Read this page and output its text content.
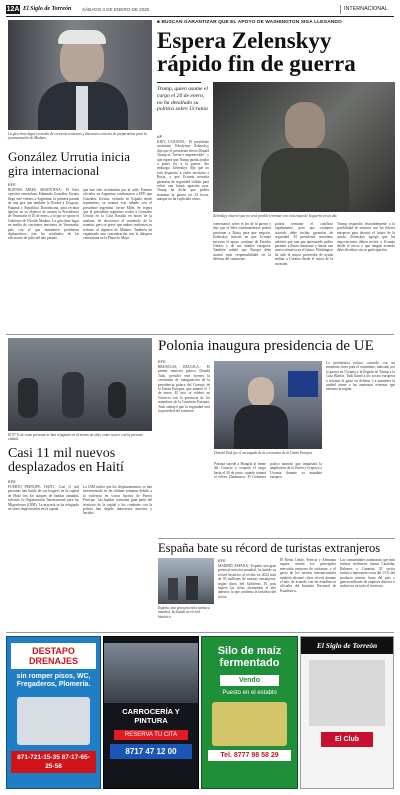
12A El Siglo de Torreón SÁBADO 4 DE ENERO DE 2025	INTERNACIONAL
La gira tiene lugar en medio de creciente tensiones y discursos a inicios de preparativos para la juramentación de Maduro.
González Urrutia inicia gira internacional
EFE
BUENOS AIRES, ARGENTINA.- El líder opositor venezolano Edmundo González Urrutia llegó este viernes a Argentina, la primera parada de una gira que también lo llevará a Uruguay, Panamá y República Dominicana, para recabar apoyos en su objetivo de asumir la Presidencia de Venezuela el 10 de enero, a lo que se opone el Gobierno de Nicolás Maduro. La gira tiene lugar en medio de crecientes tensiones de Venezuela, país con el que mantienen problemas diplomáticos, tras los resultados de las elecciones de julio del año pasado.
que han sido reclamados por la calle. Fuentes oficiales en Argentina confirmaron a EFE que González Urrutia, exiliado en España desde septiembre, se reunirá este sábado con el presidente argentino, Javier Milei. Se espera que el presidente argentino reciba a González Urrutia en la Casa Rosada en horas de la mañana. Se desconoce el contenido de la reunión, pero se prevé que ambos reafirmen su rechazo al régimen de Maduro. También ha organizado una concentración con la diáspora venezolana en la Plaza de Mayo.
■ BUSCAN GARANTIZAR QUE EL APOYO DE WASHINGTON SIGA LLEGANDO
Espera Zelenskyy rápido fin de guerra
Trump, quien asume el cargo el 20 de enero, no ha detallado su política sobre Ucrania
AP
KIEV, UCRANIA.- El presidente ucraniano Volodymyr Zelenskyy dijo que el presidente electo Donald Trump es "fuerte e impredecible", y que espera que Trump pueda ayudar a poner fin a la guerra. Sin embargo, Zelenskyy dijo que no está dispuesto a ceder territorio a Rusia, y que Ucrania necesita garantías de seguridad sólidas para evitar una futura agresión rusa. Trump ha dicho que podría terminar la guerra en 24 horas, aunque no ha explicado cómo.
Zelenskyy observó que no será posible terminar con esta etapa de la guerra en un día.
comentarios sobre el fin de la guerra y dijo que el líder estadounidense podría presionar a Rusia para que negocie. Zelenskyy insistió en que Ucrania necesita el apoyo continuo de Estados Unidos y de sus aliados europeos. También señaló que Europa debe asumir más responsabilidad en la defensa del continente.
podría terminar el conflicto rápidamente, pero que cualquier acuerdo debe incluir garantías de seguridad. El presidente ucraniano advirtió que una paz apresurada podría permitir a Rusia rearmarse y lanzar una nueva ofensiva en el futuro. Washington ha sido el mayor proveedor de ayuda militar a Ucrania desde el inicio de la invasión.
Trump respondió favorablemente a la posibilidad de reunirse con los líderes europeos para discutir el futuro de la ayuda. Zelenskyy agregó que las negociaciones deben incluir a Ucrania desde el inicio y que ningún acuerdo debe decidirse sin su participación.
Polonia inaugura presidencia de UE
EFE
BRUSELAS, BÉLGICA.- El primer ministro polaco, Donald Tusk, presidió este viernes la ceremonia de inauguración de la presidencia polaca del Consejo de la Unión Europea, que asumió el 1 de enero. El acto se celebró en Varsovia con la presencia de los miembros de la Comisión Europea. Tusk subrayó que la seguridad será la prioridad del semestre.
Donald Tusk fue el encargado de la ceremonia de la Unión Europea.
La presidencia polaca coincide con un momento clave para el continente, marcado por la guerra en Ucrania y la llegada de Trump a la Casa Blanca. Tusk llamó a los socios europeos a reforzar el gasto en defensa y a mantener la unidad frente a las amenazas externas que enfrenta la región.
Polonia sucede a Hungría al frente del Consejo y ocupará el cargo hasta el 30 de junio, cuando tomará el relevo Dinamarca. El Gobierno polaco anunció que impulsará la ampliación de la Unión y el apoyo a Ucrania durante su mandato europeo.
El 97 % de estas personas se han refugiado en al menos un sitio, como ocurre con la presente ciudad.
Casi 11 mil nuevos desplazados en Haití
EFE
PUERTO PRÍNCIPE, HAITÍ.- Casi 11 mil personas han huido de sus hogares en la capital de Haití tras los ataques de bandas armadas, informó la Organización Internacional para las Migraciones (OIM). La mayoría se ha refugiado en sitios improvisados en la capital.
La OIM indicó que los desplazamientos se han incrementado en las últimas semanas debido a la violencia en varios barrios de Puerto Príncipe. Las bandas controlan gran parte del territorio de la capital y los combates con la policía han dejado numerosos muertos y heridos.
España bate su récord de turistas extranjeros
España, una gran potencia turística mundial, ha batido su récord histórico.
EFE
MADRID, ESPAÑA.- España, una gran potencia turística mundial, ha batido su récord histórico al recibir en 2024 más de 93 millones de turistas extranjeros, según datos del Gobierno. El país superó las cifras alcanzadas el año anterior, lo que confirma la fortaleza del sector.
El Reino Unido, Francia y Alemania siguen siendo los principales mercados emisores de visitantes, y el gasto de los turistas internacionales también alcanzó cifras récord durante el año, de acuerdo con las estadísticas oficiales del Instituto Nacional de Estadística.
Las comunidades autónomas que más turistas recibieron fueron Cataluña, Baleares y Canarias. El sector turístico representa cerca del 13 % del producto interno bruto del país y genera millones de empleos directos e indirectos en todo el territorio.
DESTAPO DRENAJES
sin romper pisos, WC, Fregaderos, Plomería.
871-721-15-35 87-17-65-25-58
CARROCERÍA Y PINTURA
RESERVA TU CITA
8717 47 12 00
Silo de maíz fermentado
Vendo
Puesto en el establo
Tel. 8777 98 58 29
El Siglo de Torreón
El Club
